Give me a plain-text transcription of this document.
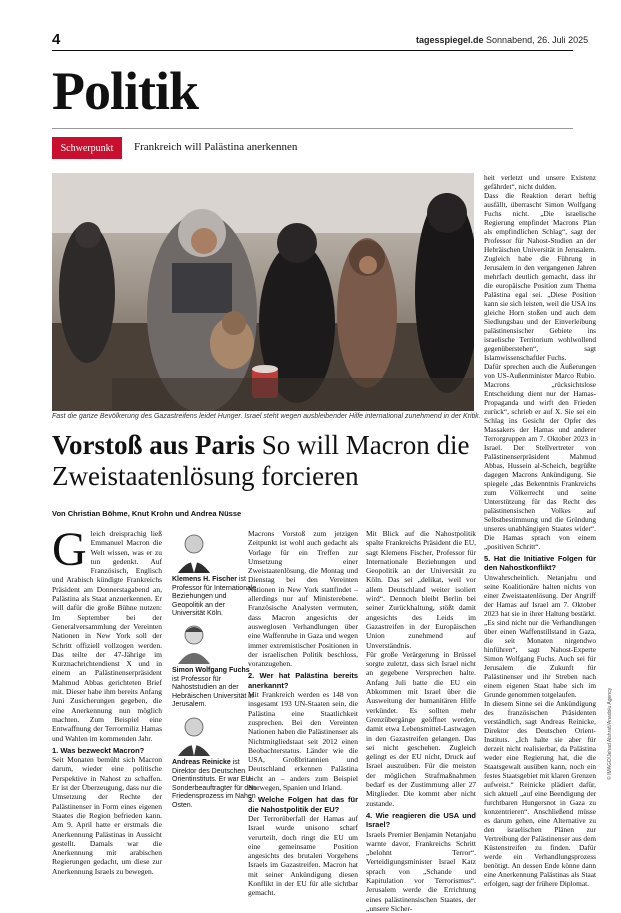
4	tagesspiegel.de Sonnabend, 26. Juli 2025
Politik
Schwerpunkt	Frankreich will Palästina anerkennen
Fast die ganze Bevölkerung des Gazastreifens leidet Hunger. Israel steht wegen ausbleibender Hilfe international zunehmend in der Kritik.
Vorstoß aus Paris So will Macron die Zweistaatenlösung forcieren
Von Christian Böhme, Knut Krohn und Andrea Nüsse

Gleich dreisprachig ließ Emmanuel Macron die Welt wissen, was er zu tun gedenkt. Auf Französisch, Englisch und Arabisch kündigte Frankreichs Präsident am Donnerstagabend an, Palästina als Staat anzuerkennen. Er will dafür die große Bühne nutzen: Im September bei der Generalversammlung der Vereinten Nationen in New York soll der Schritt offiziell vollzogen werden. Das teilte der 47-Jährige im Kurznachrichtendienst X und in einem an Palästinenserpräsident Mahmud Abbas gerichteten Brief mit. Dieser habe ihm bereits Anfang Juni Zusicherungen gegeben, die eine Anerkennung nun möglich machten. Zum Beispiel eine Entwaffnung der Terrormiliz Hamas und Wahlen im kommenden Jahr.

1. Was bezweckt Macron?

Seit Monaten bemüht sich Macron darum, wieder eine politische Perspektive in Nahost zu schaffen. Er ist der Überzeugung, dass nur die Umsetzung der Rechte der Palästinenser in Form eines eigenen Staates die Region befrieden kann. Am 9. April hatte er erstmals die Anerkennung Palästinas in Aussicht gestellt. Damals war die Anerkennung mit arabischen Regierungen gedacht, um diese zur Anerkennung Israels zu bewegen.

Klemens H. Fischer ist Professor für Internationale Beziehungen und Geopolitik an der Universität Köln.

Simon Wolfgang Fuchs ist Professor für Nahoststudien an der Hebräischen Universität in Jerusalem.

Andreas Reinicke ist Direktor des Deutschen Orientinstituts. Er war EU-Sonderbeauftragter für den Friedensprozess im Nahen Osten.

Macrons Vorstoß zum jetzigen Zeitpunkt ist wohl auch gedacht als Vorlage für ein Treffen zur Umsetzung einer Zweistaatenlösung, die Montag und Dienstag bei den Vereinten Nationen in New York stattfindet – allerdings nur auf Ministerebene. Französische Analysten vermuten, dass Macron angesichts der ausweglosen Verhandlungen über eine Waffenruhe in Gaza und wegen immer extremistischer Positionen in der israelischen Politik beschloss, voranzugehen.

2. Wer hat Palästina bereits anerkannt?

Mit Frankreich werden es 148 von insgesamt 193 UN-Staaten sein, die Palästina eine Staatlichkeit zusprechen. Bei den Vereinten Nationen haben die Palästinenser als Nichtmitgliedstaat seit 2012 einen Beobachterstatus. Länder wie die USA, Großbritannien und Deutschland erkennen Palästina nicht an – anders zum Beispiel Norwegen, Spanien und Irland.

3. Welche Folgen hat das für die Nahostpolitik der EU?

Der Terrorüberfall der Hamas auf Israel wurde unisono scharf verurteilt, doch ringt die EU um eine gemeinsame Position angesichts des brutalen Vorgehens Israels im Gazastreifen. Macron hat mit seiner Ankündigung diesen Konflikt in der EU für alle sichtbar gemacht.

Mit Blick auf die Nahostpolitik spalte Frankreichs Präsident die EU, sagt Klemens Fischer, Professor für Internationale Beziehungen und Geopolitik an der Universität zu Köln. Das sei „delikat, weil vor allem Deutschland weiter isoliert wird“. Dennoch bleibt Berlin bei seiner Zurückhaltung, stößt damit angesichts des Leids im Gazastreifen in der Europäischen Union zunehmend auf Unverständnis.

Für große Verärgerung in Brüssel sorgte zuletzt, dass sich Israel nicht an gegebene Versprechen halte. Anfang Juli hatte die EU ein Abkommen mit Israel über die Ausweitung der humanitären Hilfe verkündet. Es sollten mehr Grenzübergänge geöffnet werden, damit etwa Lebensmittel-Lastwagen in den Gazastreifen gelangen. Das sei nicht geschehen. Zugleich gelingt es der EU nicht, Druck auf Israel auszuüben. Für die meisten der möglichen Strafmaßnahmen bedarf es der Zustimmung aller 27 Mitglieder. Die kommt aber nicht zustande.

4. Wie reagieren die USA und Israel?

Israels Premier Benjamin Netanjahu warnte davor, Frankreichs Schritt „belohnt Terror“. Verteidigungsminister Israel Katz sprach von „Schande und Kapitulation vor Terrorismus“. Jerusalem werde die Errichtung eines palästinensischen Staates, der „unsere Sicher-

heit verletzt und unsere Existenz gefährdet“, nicht dulden.

Dass die Reaktion derart heftig ausfällt, überrascht Simon Wolfgang Fuchs nicht. „Die israelische Regierung empfindet Macrons Plan als empfindlichen Schlag“, sagt der Professor für Nahost-Studien an der Hebräischen Universität in Jerusalem. Zugleich habe die Führung in Jerusalem in den vergangenen Jahren mehrfach deutlich gemacht, dass ihr die europäische Position zum Thema Palästina egal sei. „Diese Position kann sie sich leisten, weil die USA ins gleiche Horn stoßen und auch dem Siedlungsbau und der Einverleibung palästinensischer Gebiete ins israelische Territorium wohlwollend gegenüberstehen“, sagt Islamwissenschaftler Fuchs.

Dafür sprechen auch die Äußerungen von US-Außenminister Marco Rubio. Macrons „rücksichtslose Entscheidung dient nur der Hamas-Propaganda und wirft den Frieden zurück“, schrieb er auf X. Sie sei ein Schlag ins Gesicht der Opfer des Massakers der Hamas und anderer Terrorgruppen am 7. Oktober 2023 in Israel. Der Stellvertreter von Palästinenserpräsident Mahmud Abbas, Hussein al-Scheich, begrüßte dagegen Macrons Ankündigung. Sie spiegele „das Bekenntnis Frankreichs zum Völkerrecht und seine Unterstützung für das Recht des palästinensischen Volkes auf Selbstbestimmung und die Gründung unseres unabhängigen Staates wider“. Die Hamas sprach von einem „positiven Schritt“.

5. Hat die Initiative Folgen für den Nahostkonflikt?

Unwahrscheinlich. Netanjahu und seine Koalitionäre halten nichts von einer Zweistaatenlösung. Der Angriff der Hamas auf Israel am 7. Oktober 2023 hat sie in ihrer Haltung bestärkt. „Es sind nicht nur die Verhandlungen über einen Waffenstillstand in Gaza, die seit Monaten nirgendwo hinführen“, sagt Nahost-Experte Simon Wolfgang Fuchs. Auch sei für Jerusalem die Zukunft für Palästinenser und ihr Streben nach einem eigenen Staat habe sich im Grunde genommen totgelaufen.

In diesem Sinne sei die Ankündigung des französischen Präsidenten verständlich, sagt Andreas Reinicke, Direktor des Deutschen Orient-Instituts. „Ich halte sie aber für derzeit nicht realisierbar, da Palästina weder eine Regierung hat, die die Staatsgewalt ausüben kann, noch ein festes Staatsgebiet mit klaren Grenzen aufweist.“ Reinicke plädiert dafür, sich aktuell „auf eine Beendigung der furchtbaren Hungersnot in Gaza zu konzentrieren“. Anschließend müsse es darum gehen, eine Alternative zu den israelischen Plänen zur Vertreibung der Palästinenser aus dem Küstenstreifen zu finden. Dafür werde ein Verhandlungsprozess benötigt. An dessen Ende könne dann eine Anerkennung Palästinas als Staat erfolgen, sagt der frühere Diplomat.

© IMAGO/Jehad Alshrafi/Anadolu Agency
